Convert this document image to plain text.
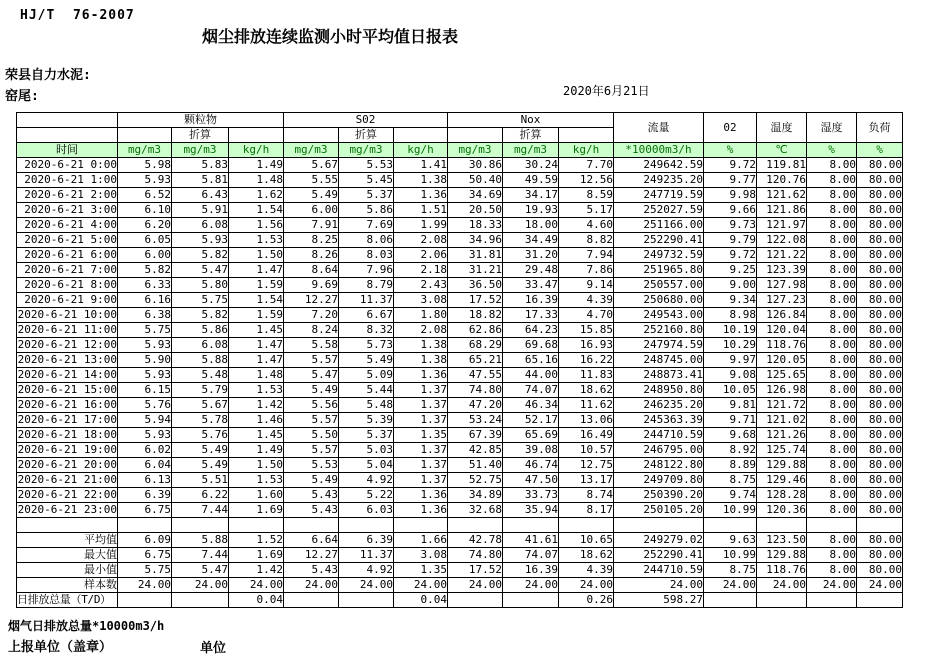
HJ/T  76-2007
烟尘排放连续监测小时平均值日报表
荣县自力水泥:
窑尾:	2020年6月21日
	颗粒物			S02			Nox			流量	02	温度	湿度	负荷
		折算			折算			折算						
时间	mg/m3	mg/m3	kg/h	mg/m3	mg/m3	kg/h	mg/m3	mg/m3	kg/h	*10000m3/h	%	℃	%	%
2020-6-21 0:00	5.98	5.83	1.49	5.67	5.53	1.41	30.86	30.24	7.70	249642.59	9.72	119.81	8.00	80.00
2020-6-21 1:00	5.93	5.81	1.48	5.55	5.45	1.38	50.40	49.59	12.56	249235.20	9.77	120.76	8.00	80.00
2020-6-21 2:00	6.52	6.43	1.62	5.49	5.37	1.36	34.69	34.17	8.59	247719.59	9.98	121.62	8.00	80.00
2020-6-21 3:00	6.10	5.91	1.54	6.00	5.86	1.51	20.50	19.93	5.17	252027.59	9.66	121.86	8.00	80.00
2020-6-21 4:00	6.20	6.08	1.56	7.91	7.69	1.99	18.33	18.00	4.60	251166.00	9.73	121.97	8.00	80.00
2020-6-21 5:00	6.05	5.93	1.53	8.25	8.06	2.08	34.96	34.49	8.82	252290.41	9.79	122.08	8.00	80.00
2020-6-21 6:00	6.00	5.82	1.50	8.26	8.03	2.06	31.81	31.20	7.94	249732.59	9.72	121.22	8.00	80.00
2020-6-21 7:00	5.82	5.47	1.47	8.64	7.96	2.18	31.21	29.48	7.86	251965.80	9.25	123.39	8.00	80.00
2020-6-21 8:00	6.33	5.80	1.59	9.69	8.79	2.43	36.50	33.47	9.14	250557.00	9.00	127.98	8.00	80.00
2020-6-21 9:00	6.16	5.75	1.54	12.27	11.37	3.08	17.52	16.39	4.39	250680.00	9.34	127.23	8.00	80.00
2020-6-21 10:00	6.38	5.82	1.59	7.20	6.67	1.80	18.82	17.33	4.70	249543.00	8.98	126.84	8.00	80.00
2020-6-21 11:00	5.75	5.86	1.45	8.24	8.32	2.08	62.86	64.23	15.85	252160.80	10.19	120.04	8.00	80.00
2020-6-21 12:00	5.93	6.08	1.47	5.58	5.73	1.38	68.29	69.68	16.93	247974.59	10.29	118.76	8.00	80.00
2020-6-21 13:00	5.90	5.88	1.47	5.57	5.49	1.38	65.21	65.16	16.22	248745.00	9.97	120.05	8.00	80.00
2020-6-21 14:00	5.93	5.48	1.48	5.47	5.09	1.36	47.55	44.00	11.83	248873.41	9.08	125.65	8.00	80.00
2020-6-21 15:00	6.15	5.79	1.53	5.49	5.44	1.37	74.80	74.07	18.62	248950.80	10.05	126.98	8.00	80.00
2020-6-21 16:00	5.76	5.67	1.42	5.56	5.48	1.37	47.20	46.34	11.62	246235.20	9.81	121.72	8.00	80.00
2020-6-21 17:00	5.94	5.78	1.46	5.57	5.39	1.37	53.24	52.17	13.06	245363.39	9.71	121.02	8.00	80.00
2020-6-21 18:00	5.93	5.76	1.45	5.50	5.37	1.35	67.39	65.69	16.49	244710.59	9.68	121.26	8.00	80.00
2020-6-21 19:00	6.02	5.49	1.49	5.57	5.03	1.37	42.85	39.08	10.57	246795.00	8.92	125.74	8.00	80.00
2020-6-21 20:00	6.04	5.49	1.50	5.53	5.04	1.37	51.40	46.74	12.75	248122.80	8.89	129.88	8.00	80.00
2020-6-21 21:00	6.13	5.51	1.53	5.49	4.92	1.37	52.75	47.50	13.17	249709.80	8.75	129.46	8.00	80.00
2020-6-21 22:00	6.39	6.22	1.60	5.43	5.22	1.36	34.89	33.73	8.74	250390.20	9.74	128.28	8.00	80.00
2020-6-21 23:00	6.75	7.44	1.69	5.43	6.03	1.36	32.68	35.94	8.17	250105.20	10.99	120.36	8.00	80.00

平均值	6.09	5.88	1.52	6.64	6.39	1.66	42.78	41.61	10.65	249279.02	9.63	123.50	8.00	80.00
最大值	6.75	7.44	1.69	12.27	11.37	3.08	74.80	74.07	18.62	252290.41	10.99	129.88	8.00	80.00
最小值	5.75	5.47	1.42	5.43	4.92	1.35	17.52	16.39	4.39	244710.59	8.75	118.76	8.00	80.00
样本数	24.00	24.00	24.00	24.00	24.00	24.00	24.00	24.00	24.00	24.00	24.00	24.00	24.00	24.00
日排放总量（T/D）			0.04			0.04			0.26	598.27				
烟气日排放总量*10000m3/h
上报单位（盖章）	单位
